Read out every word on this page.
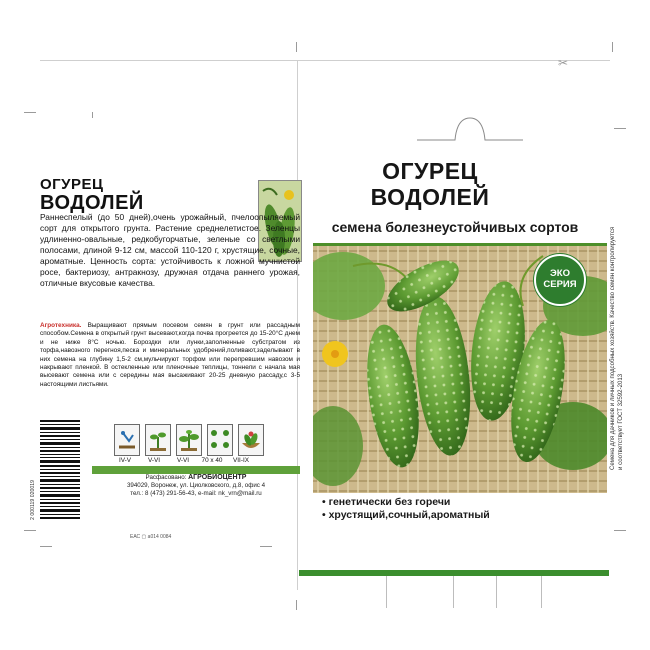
✂
ОГУРЕЦ
ВОДОЛЕЙ
Раннеспелый (до 50 дней),очень урожайный, пчелоопыляемый сорт для открытого грунта. Растение среднелетистое. Зеленцы удлиненно-овальные, редкобугорчатые, зеленые со светлыми полосами, длиной 9-12 см, массой 110-120 г, хрустящие, сочные, ароматные. Ценность сорта: устойчивость к ложной мучнистой росе, бактериозу, антракнозу, дружная отдача раннего урожая, отличные вкусовые качества.
Агротехника. Выращивают прямым посевом семян в грунт или рассадным способом.Семена в открытый грунт высевают,когда почва прогреется до 15-20°С днем и не ниже 8°С ночью. Бороздки или лунки,заполненные субстратом из торфа,навозного перегноя,песка и минеральных удобрений,поливают,заделывают в них семена на глубину 1,5-2 см,мульчируют торфом или перепревшим навозом и накрывают пленкой. В остекленные или пленочные теплицы, тоннели с начала мая высевают семена или с середины мая высаживают 20-25 дневную рассаду,с 3-5 настоящими листьями.
2 000119 020019
IV-V	V-VI	V-VI	70 x 40	VII-IX
Расфасовано: АГРОБИОЦЕНТР
394029, Воронеж, ул. Циолковского, д.8, офис 4
тел.: 8 (473) 291-56-43, e-mail: nk_vrn@mail.ru
ЕАС ▢ а014 0084
ОГУРЕЦ
ВОДОЛЕЙ
семена болезнеустойчивых сортов
ЭКО
СЕРИЯ
• генетически без горечи
• хрустящий,сочный,ароматный
Семена для дачников и личных подсобных хозяйств. Качество семян контролируется и соответствует ГОСТ 32592-2013
